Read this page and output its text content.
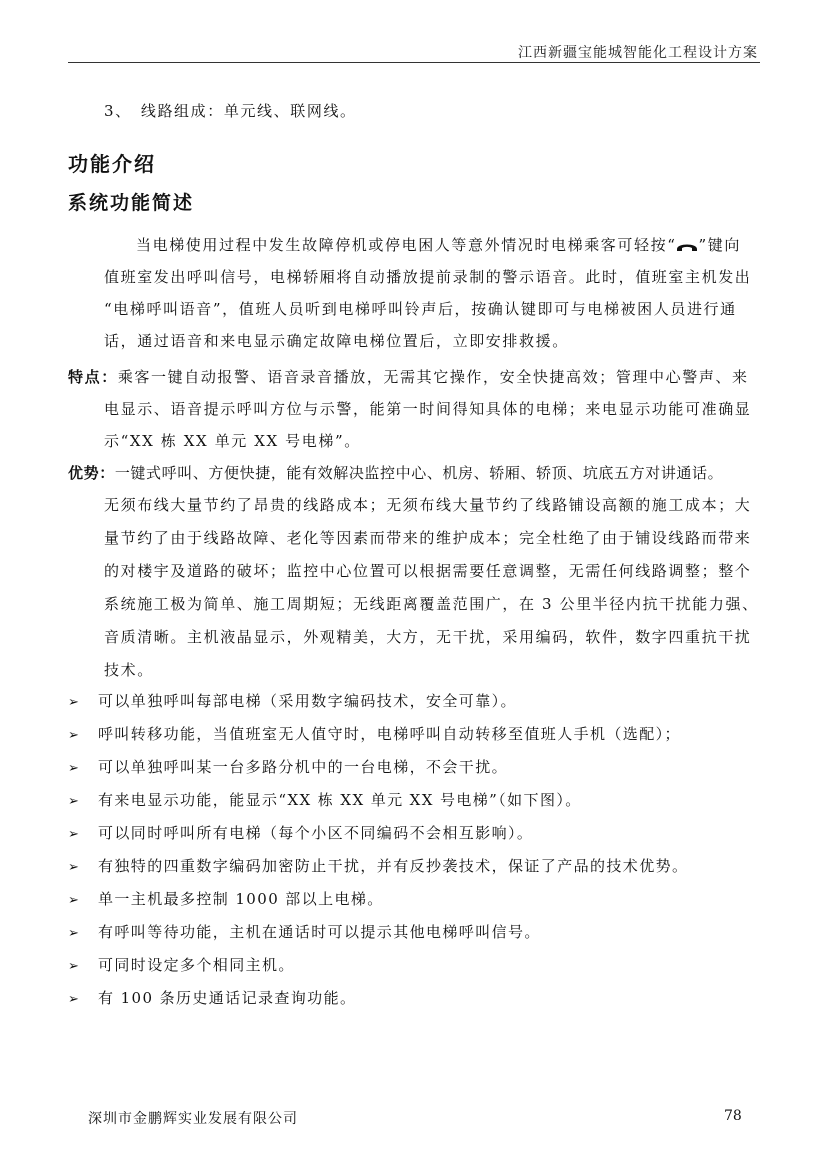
江西新疆宝能城智能化工程设计方案
3、　线路组成：单元线、联网线。
功能介绍
系统功能简述
当电梯使用过程中发生故障停机或停电困人等意外情况时电梯乘客可轻按“ ”键向
值班室发出呼叫信号，电梯轿厢将自动播放提前录制的警示语音。此时，值班室主机发出
“电梯呼叫语音”，值班人员听到电梯呼叫铃声后，按确认键即可与电梯被困人员进行通
话，通过语音和来电显示确定故障电梯位置后，立即安排救援。
特点：乘客一键自动报警、语音录音播放，无需其它操作，安全快捷高效；管理中心警声、来
电显示、语音提示呼叫方位与示警，能第一时间得知具体的电梯；来电显示功能可准确显
示“XX 栋 XX 单元 XX 号电梯”。
优势：一键式呼叫、方便快捷，能有效解决监控中心、机房、轿厢、轿顶、坑底五方对讲通话。
无须布线大量节约了昂贵的线路成本；无须布线大量节约了线路铺设高额的施工成本；大
量节约了由于线路故障、老化等因素而带来的维护成本；完全杜绝了由于铺设线路而带来
的对楼宇及道路的破坏；监控中心位置可以根据需要任意调整，无需任何线路调整；整个
系统施工极为简单、施工周期短；无线距离覆盖范围广，在 3 公里半径内抗干扰能力强、
音质清晰。主机液晶显示，外观精美，大方，无干扰，采用编码，软件，数字四重抗干扰
技术。
➢ 可以单独呼叫每部电梯（采用数字编码技术，安全可靠）。
➢ 呼叫转移功能，当值班室无人值守时，电梯呼叫自动转移至值班人手机（选配）；
➢ 可以单独呼叫某一台多路分机中的一台电梯，不会干扰。
➢ 有来电显示功能，能显示“XX 栋 XX 单元 XX 号电梯”（如下图）。
➢ 可以同时呼叫所有电梯（每个小区不同编码不会相互影响）。
➢ 有独特的四重数字编码加密防止干扰，并有反抄袭技术，保证了产品的技术优势。
➢ 单一主机最多控制 1000 部以上电梯。
➢ 有呼叫等待功能，主机在通话时可以提示其他电梯呼叫信号。
➢ 可同时设定多个相同主机。
➢ 有 100 条历史通话记录查询功能。
深圳市金鹏辉实业发展有限公司	78
